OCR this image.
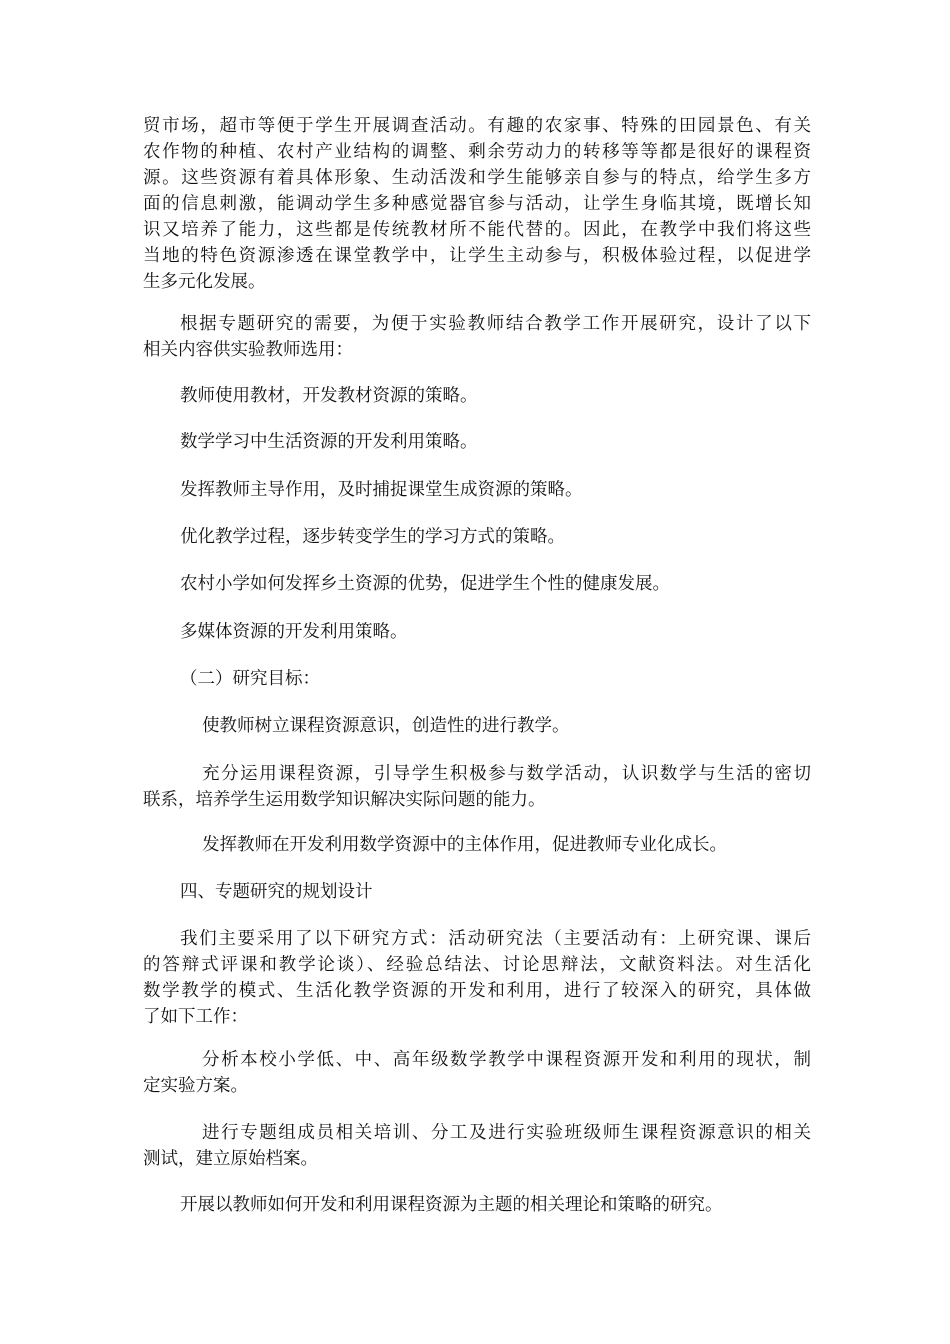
贸市场，超市等便于学生开展调查活动。有趣的农家事、特殊的田园景色、有关
农作物的种植、农村产业结构的调整、剩余劳动力的转移等等都是很好的课程资
源。这些资源有着具体形象、生动活泼和学生能够亲自参与的特点，给学生多方
面的信息刺激，能调动学生多种感觉器官参与活动，让学生身临其境，既增长知
识又培养了能力，这些都是传统教材所不能代替的。因此，在教学中我们将这些
当地的特色资源渗透在课堂教学中，让学生主动参与，积极体验过程，以促进学
生多元化发展。
根据专题研究的需要，为便于实验教师结合教学工作开展研究，设计了以下
相关内容供实验教师选用：
教师使用教材，开发教材资源的策略。
数学学习中生活资源的开发利用策略。
发挥教师主导作用，及时捕捉课堂生成资源的策略。
优化教学过程，逐步转变学生的学习方式的策略。
农村小学如何发挥乡土资源的优势，促进学生个性的健康发展。
多媒体资源的开发利用策略。
（二）研究目标：
使教师树立课程资源意识，创造性的进行教学。
充分运用课程资源，引导学生积极参与数学活动，认识数学与生活的密切
联系，培养学生运用数学知识解决实际问题的能力。
发挥教师在开发利用数学资源中的主体作用，促进教师专业化成长。
四、专题研究的规划设计
我们主要采用了以下研究方式：活动研究法（主要活动有：上研究课、课后
的答辩式评课和教学论谈）、经验总结法、讨论思辩法，文献资料法。对生活化
数学教学的模式、生活化教学资源的开发和利用，进行了较深入的研究，具体做
了如下工作：
分析本校小学低、中、高年级数学教学中课程资源开发和利用的现状，制
定实验方案。
进行专题组成员相关培训、分工及进行实验班级师生课程资源意识的相关
测试，建立原始档案。
开展以教师如何开发和利用课程资源为主题的相关理论和策略的研究。
